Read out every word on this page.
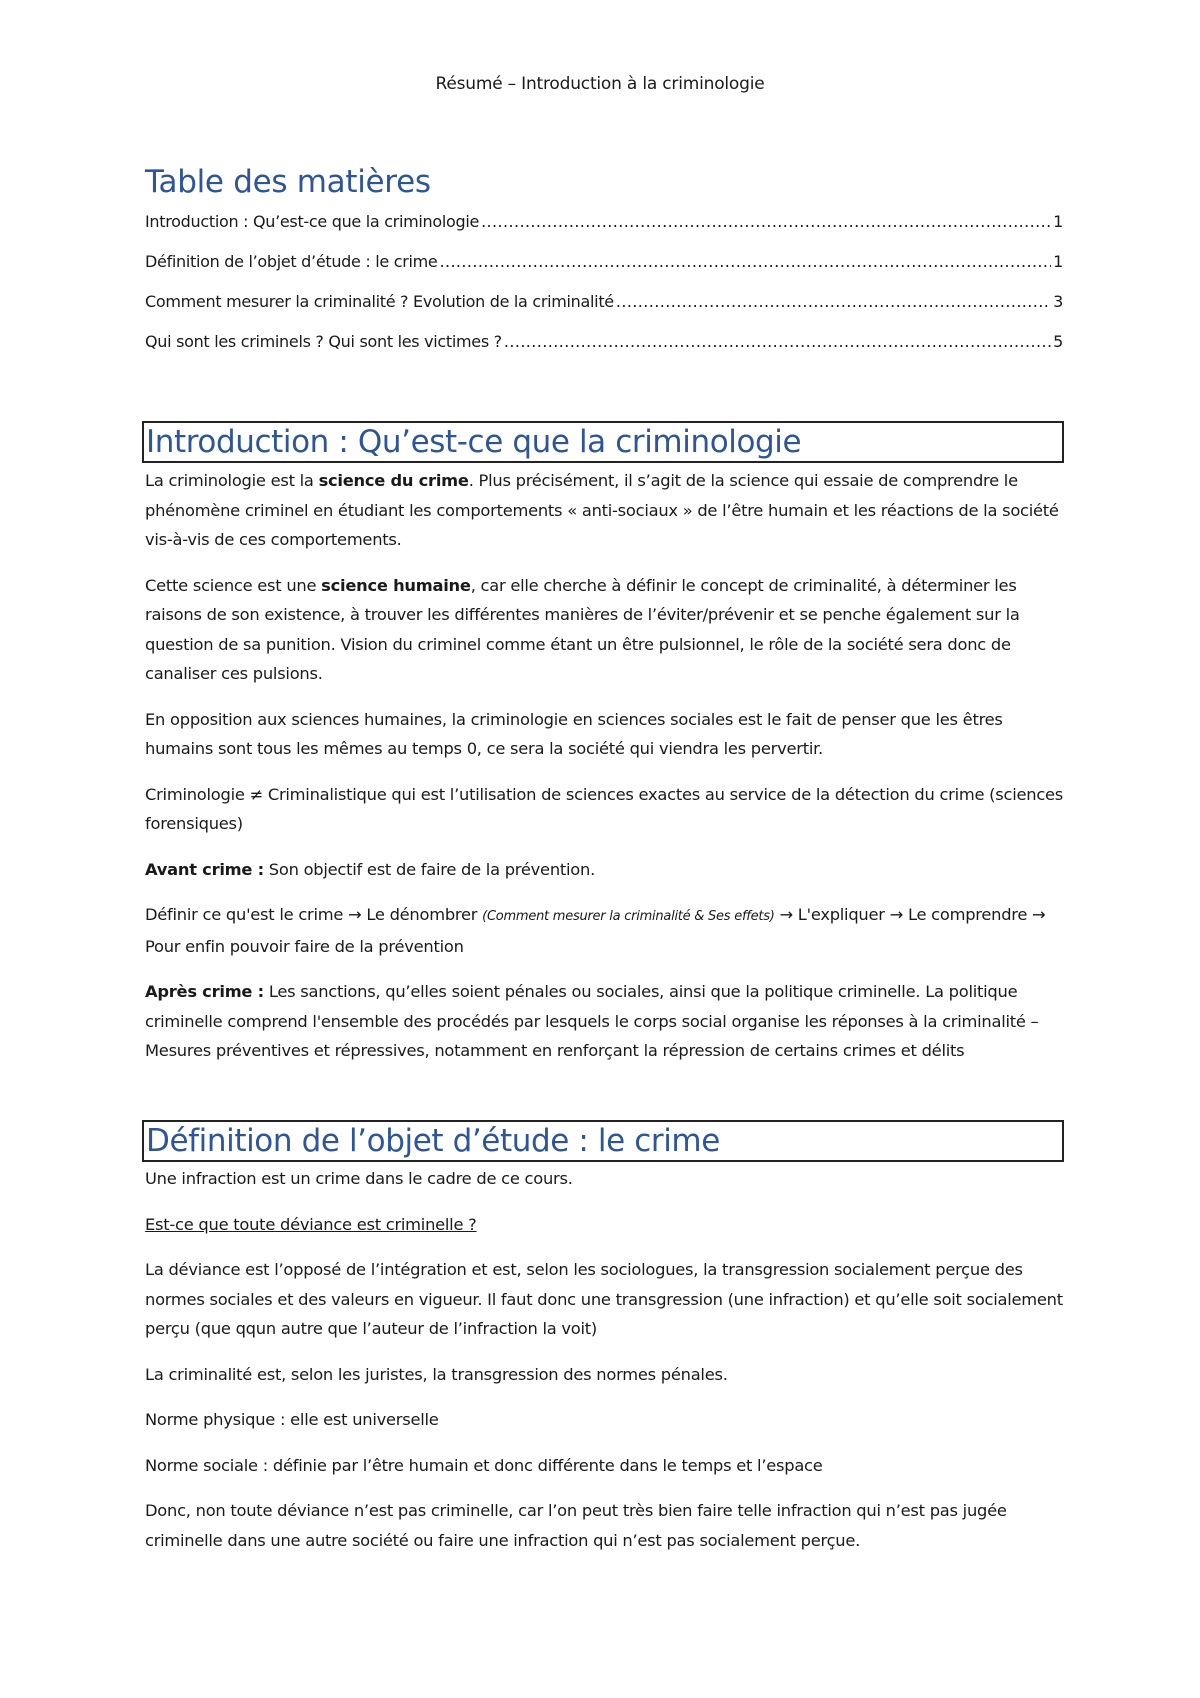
Résumé – Introduction à la criminologie
Table des matières
Introduction : Qu’est-ce que la criminologie .....	1
Définition de l’objet d’étude : le crime .....	1
Comment mesurer la criminalité ? Evolution de la criminalité .....	3
Qui sont les criminels ? Qui sont les victimes ? .....	5
Introduction : Qu’est-ce que la criminologie

La criminologie est la science du crime. Plus précisément, il s’agit de la science qui essaie de comprendre le phénomène criminel en étudiant les comportements « anti-sociaux » de l’être humain et les réactions de la société vis-à-vis de ces comportements.

Cette science est une science humaine, car elle cherche à définir le concept de criminalité, à déterminer les raisons de son existence, à trouver les différentes manières de l’éviter/prévenir et se penche également sur la question de sa punition. Vision du criminel comme étant un être pulsionnel, le rôle de la société sera donc de canaliser ces pulsions.

En opposition aux sciences humaines, la criminologie en sciences sociales est le fait de penser que les êtres humains sont tous les mêmes au temps 0, ce sera la société qui viendra les pervertir.

Criminologie ≠ Criminalistique qui est l’utilisation de sciences exactes au service de la détection du crime (sciences forensiques)

Avant crime : Son objectif est de faire de la prévention.

Définir ce qu'est le crime → Le dénombrer (Comment mesurer la criminalité & Ses effets) → L'expliquer → Le comprendre → Pour enfin pouvoir faire de la prévention

Après crime : Les sanctions, qu’elles soient pénales ou sociales, ainsi que la politique criminelle. La politique criminelle comprend l'ensemble des procédés par lesquels le corps social organise les réponses à la criminalité – Mesures préventives et répressives, notamment en renforçant la répression de certains crimes et délits

Définition de l’objet d’étude : le crime

Une infraction est un crime dans le cadre de ce cours.

Est-ce que toute déviance est criminelle ?

La déviance est l’opposé de l’intégration et est, selon les sociologues, la transgression socialement perçue des normes sociales et des valeurs en vigueur. Il faut donc une transgression (une infraction) et qu’elle soit socialement perçu (que qqun autre que l’auteur de l’infraction la voit)

La criminalité est, selon les juristes, la transgression des normes pénales.

Norme physique : elle est universelle

Norme sociale : définie par l’être humain et donc différente dans le temps et l’espace

Donc, non toute déviance n’est pas criminelle, car l’on peut très bien faire telle infraction qui n’est pas jugée criminelle dans une autre société ou faire une infraction qui n’est pas socialement perçue.
